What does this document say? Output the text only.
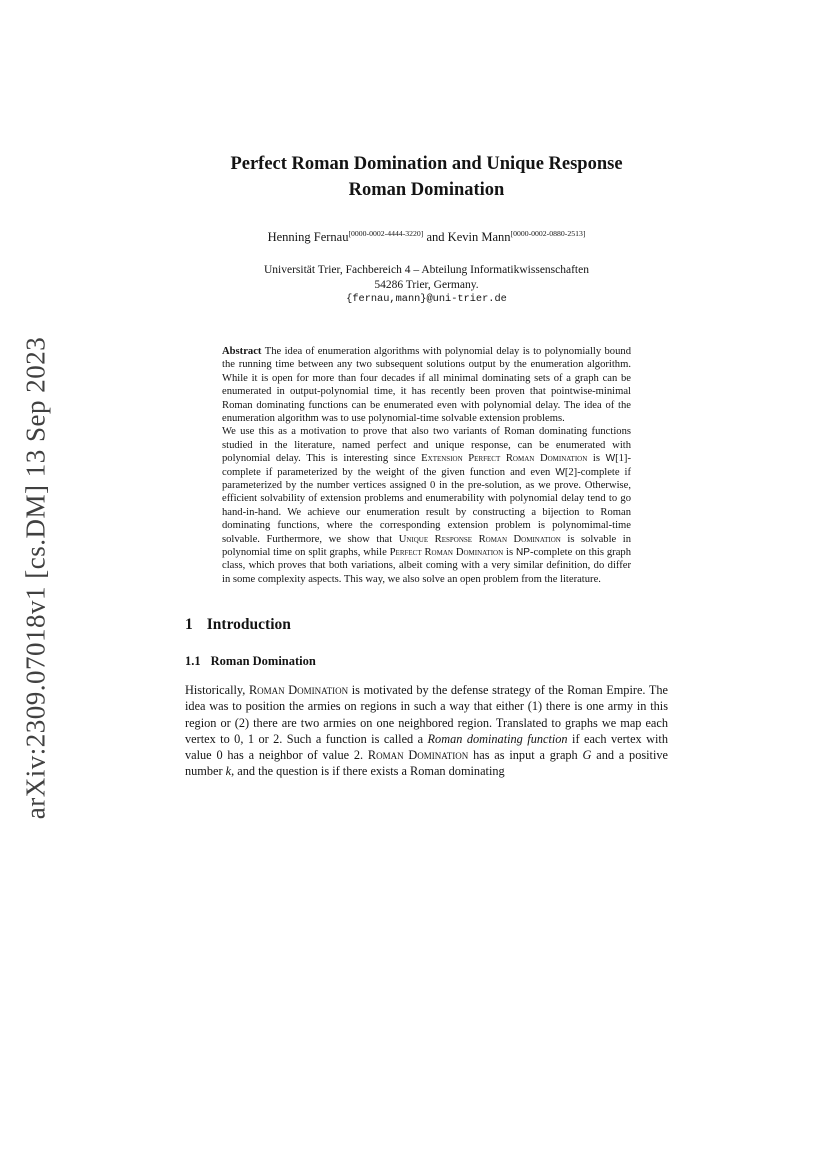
arXiv:2309.07018v1 [cs.DM] 13 Sep 2023
Perfect Roman Domination and Unique Response
Roman Domination
Henning Fernau[0000-0002-4444-3220] and Kevin Mann[0000-0002-0880-2513]
Universität Trier, Fachbereich 4 – Abteilung Informatikwissenschaften
54286 Trier, Germany.
{fernau,mann}@uni-trier.de

Abstract The idea of enumeration algorithms with polynomial delay is to polynomially bound the running time between any two subsequent solutions output by the enumeration algorithm. While it is open for more than four decades if all minimal dominating sets of a graph can be enumerated in output-polynomial time, it has recently been proven that pointwise-minimal Roman dominating functions can be enumerated even with polynomial delay. The idea of the enumeration algorithm was to use polynomial-time solvable extension problems.

We use this as a motivation to prove that also two variants of Roman dominating functions studied in the literature, named perfect and unique response, can be enumerated with polynomial delay. This is interesting since Extension Perfect Roman Domination is W[1]-complete if parameterized by the weight of the given function and even W[2]-complete if parameterized by the number vertices assigned 0 in the pre-solution, as we prove. Otherwise, efficient solvability of extension problems and enumerability with polynomial delay tend to go hand-in-hand. We achieve our enumeration result by constructing a bijection to Roman dominating functions, where the corresponding extension problem is polynomimal-time solvable. Furthermore, we show that Unique Response Roman Domination is solvable in polynomial time on split graphs, while Perfect Roman Domination is NP-complete on this graph class, which proves that both variations, albeit coming with a very similar definition, do differ in some complexity aspects. This way, we also solve an open problem from the literature.

1 Introduction
1.1 Roman Domination
Historically, Roman Domination is motivated by the defense strategy of the Roman Empire. The idea was to position the armies on regions in such a way that either (1) there is one army in this region or (2) there are two armies on one neighbored region. Translated to graphs we map each vertex to 0, 1 or 2. Such a function is called a Roman dominating function if each vertex with value 0 has a neighbor of value 2. Roman Domination has as input a graph G and a positive number k, and the question is if there exists a Roman dominating
